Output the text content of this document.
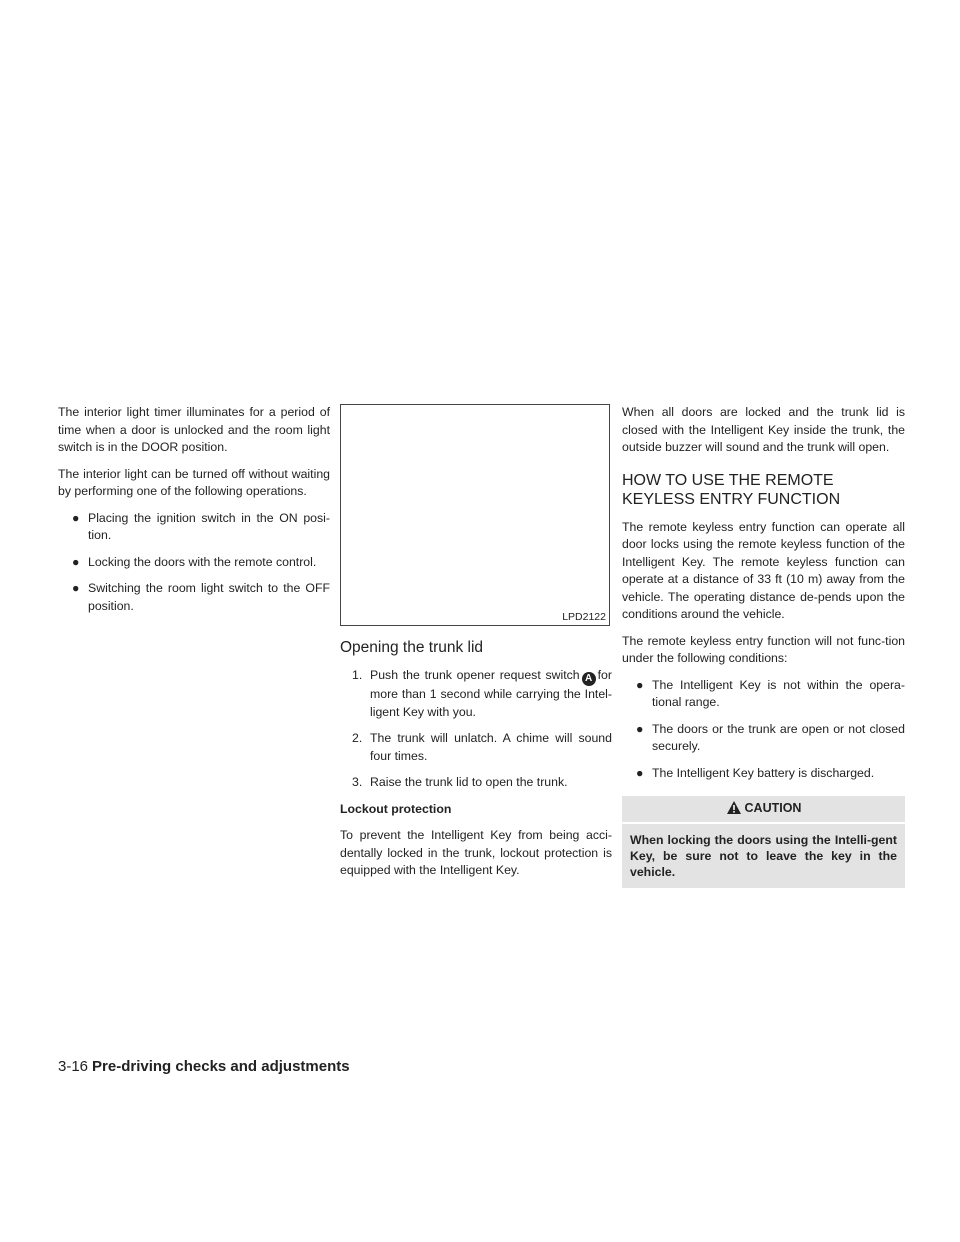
The interior light timer illuminates for a period of time when a door is unlocked and the room light switch is in the DOOR position.

The interior light can be turned off without waiting by performing one of the following operations.

● Placing the ignition switch in the ON posi-tion.
● Locking the doors with the remote control.
● Switching the room light switch to the OFF position.
LPD2122
Opening the trunk lid
1. Push the trunk opener request switch A for more than 1 second while carrying the Intel-ligent Key with you.
2. The trunk will unlatch. A chime will sound four times.
3. Raise the trunk lid to open the trunk.

Lockout protection

To prevent the Intelligent Key from being acci-dentally locked in the trunk, lockout protection is equipped with the Intelligent Key.

When all doors are locked and the trunk lid is closed with the Intelligent Key inside the trunk, the outside buzzer will sound and the trunk will open.

HOW TO USE THE REMOTE
KEYLESS ENTRY FUNCTION

The remote keyless entry function can operate all door locks using the remote keyless function of the Intelligent Key. The remote keyless function can operate at a distance of 33 ft (10 m) away from the vehicle. The operating distance de-pends upon the conditions around the vehicle.

The remote keyless entry function will not func-tion under the following conditions:

● The Intelligent Key is not within the opera-tional range.
● The doors or the trunk are open or not closed securely.
● The Intelligent Key battery is discharged.
CAUTION
When locking the doors using the Intelli-gent Key, be sure not to leave the key in the vehicle.
3-16 Pre-driving checks and adjustments
